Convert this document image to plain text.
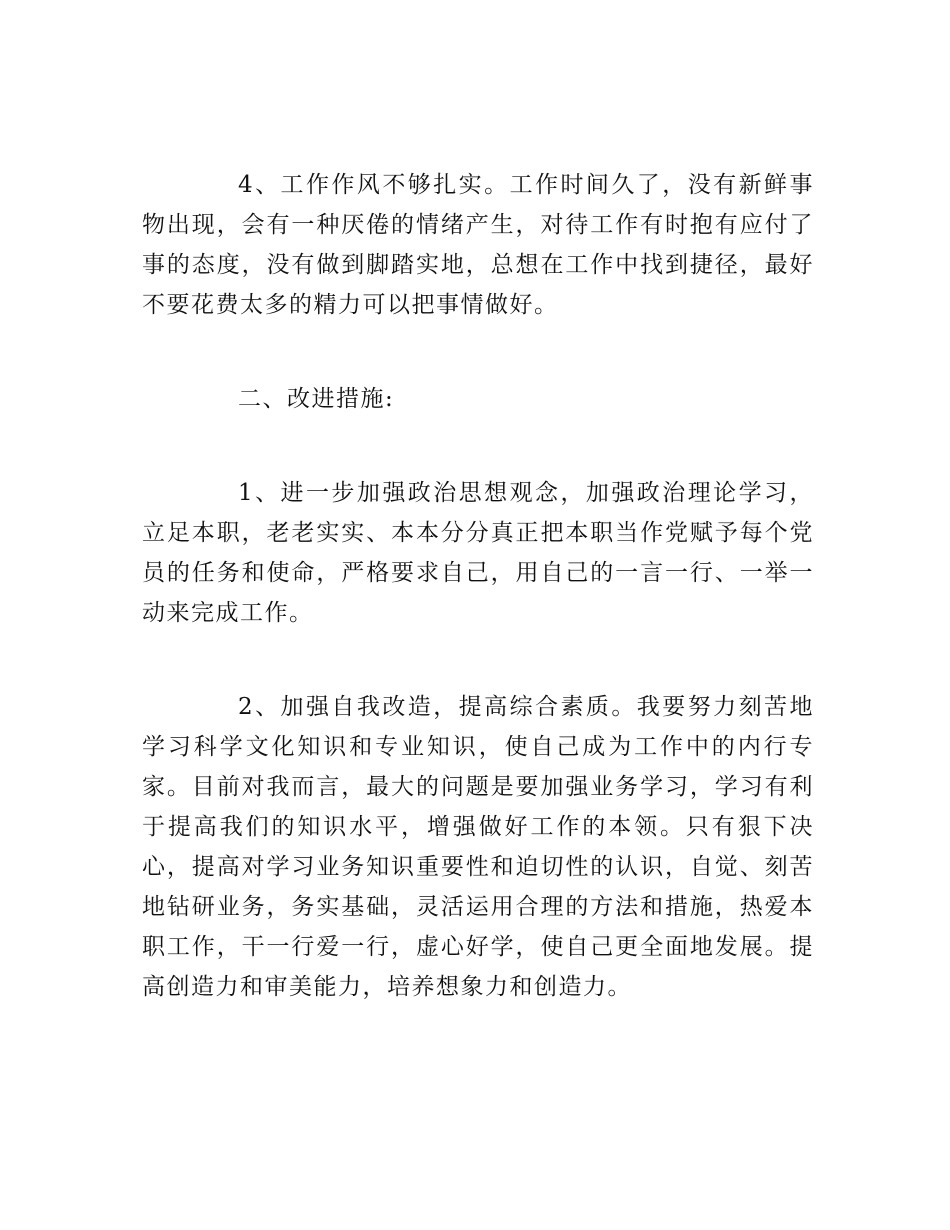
4、工作作风不够扎实。工作时间久了，没有新鲜事物出现，会有一种厌倦的情绪产生，对待工作有时抱有应付了事的态度，没有做到脚踏实地，总想在工作中找到捷径，最好不要花费太多的精力可以把事情做好。

二、改进措施:

1、进一步加强政治思想观念，加强政治理论学习，立足本职，老老实实、本本分分真正把本职当作党赋予每个党员的任务和使命，严格要求自己，用自己的一言一行、一举一动来完成工作。

2、加强自我改造，提高综合素质。我要努力刻苦地学习科学文化知识和专业知识，使自己成为工作中的内行专家。目前对我而言，最大的问题是要加强业务学习，学习有利于提高我们的知识水平，增强做好工作的本领。只有狠下决心，提高对学习业务知识重要性和迫切性的认识，自觉、刻苦地钻研业务，务实基础，灵活运用合理的方法和措施，热爱本职工作，干一行爱一行，虚心好学，使自己更全面地发展。提高创造力和审美能力，培养想象力和创造力。
